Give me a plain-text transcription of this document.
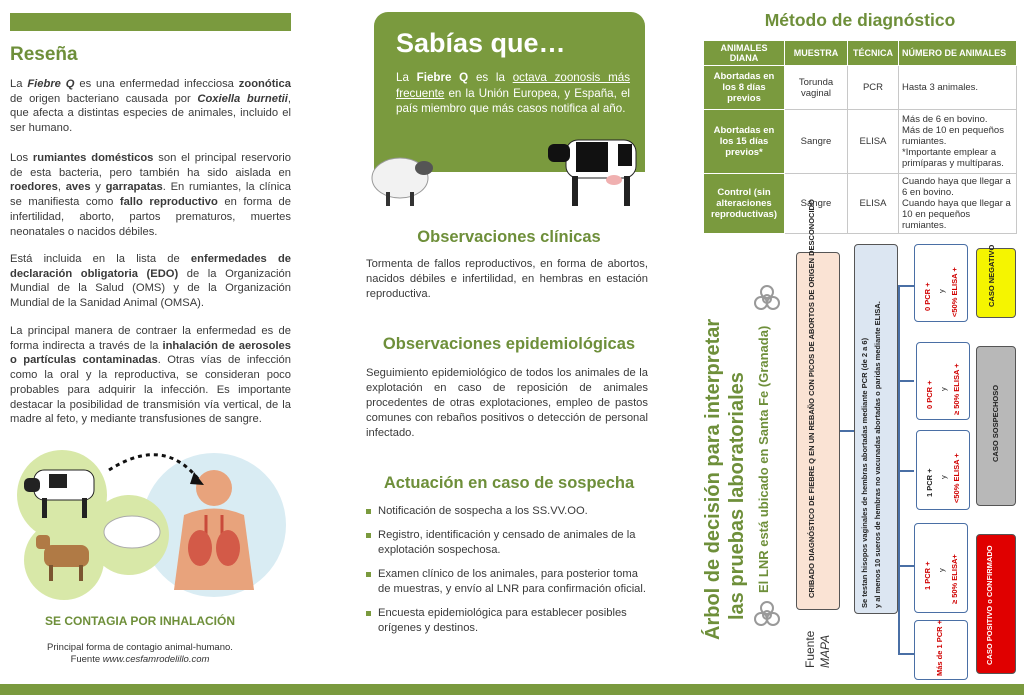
Reseña
La Fiebre Q es una enfermedad infecciosa zoonótica de origen bacteriano causada por Coxiella burnetii, que afecta a distintas especies de animales, incluido el ser humano.
Los rumiantes domésticos son el principal reservorio de esta bacteria, pero también ha sido aislada en roedores, aves y garrapatas. En rumiantes, la clínica se manifiesta como fallo reproductivo en forma de infertilidad, aborto, partos prematuros, muertes neonatales o nacidos débiles.
Está incluida en la lista de enfermedades de declaración obligatoria (EDO) de la Organización Mundial de la Salud (OMS) y de la Organización Mundial de la Sanidad Animal (OMSA).
La principal manera de contraer la enfermedad es de forma indirecta a través de la inhalación de aerosoles o partículas contaminadas. Otras vías de infección como la oral y la reproductiva, se consideran poco probables para adquirir la infección. Es importante destacar la posibilidad de transmisión vía vertical, de la madre al feto, y mediante transfusiones de sangre.
SE CONTAGIA POR INHALACIÓN
Principal forma de contagio animal-humano.
Fuente www.cesfamrodelillo.com
Sabías que…
La Fiebre Q es la octava zoonosis más frecuente en la Unión Europea, y España, el país miembro que más casos notifica al año.
Observaciones clínicas
Tormenta de fallos reproductivos, en forma de abortos, nacidos débiles e infertilidad, en hembras en estación reproductiva.
Observaciones epidemiológicas
Seguimiento epidemiológico de todos los animales de la explotación en caso de reposición de animales procedentes de otras explotaciones, empleo de pastos comunes con rebaños positivos o detección de personal infectado.
Actuación en caso de sospecha
Notificación de sospecha a los SS.VV.OO.
Registro, identificación y censado de animales de la explotación sospechosa.
Examen clínico de los animales, para posterior toma de muestras, y envío al LNR para confirmación oficial.
Encuesta epidemiológica para establecer posibles orígenes y destinos.
Método de diagnóstico
ANIMALES DIANA	MUESTRA	TÉCNICA	NÚMERO DE ANIMALES
Abortadas en los 8 días previos	Torunda vaginal	PCR	Hasta 3 animales.
Abortadas en los 15 días previos*	Sangre	ELISA	Más de 6 en bovino.
Más de 10 en pequeños rumiantes.
*Importante emplear a primíparas y multíparas.
Control (sin alteraciones reproductivas)	Sangre	ELISA	Cuando haya que llegar a 6 en bovino.
Cuando haya que llegar a 10 en pequeños rumiantes.
Árbol de decisión para interpretar las pruebas laboratoriales El LNR está ubicado en Santa Fe (Granada)
Fuente MAPA
CRIBADO DIAGNÓSTICO DE FIEBRE Q EN UN REBAÑO CON PICOS DE ABORTOS DE ORIGEN DESCONOCIDO	Se testan hisopos vaginales de hembras abortadas mediante PCR (de 2 a 6) y al menos 10 sueros de hembras no vacunadas abortadas o paridas mediante ELISA.
0 PCR + y <50% ELISA +
0 PCR + y ≥ 50% ELISA +
1 PCR + y <50% ELISA +
1 PCR + y ≥ 50% ELISA+
Más de 1 PCR +
CASO NEGATIVO
CASO SOSPECHOSO
CASO POSITIVO o CONFIRMADO
